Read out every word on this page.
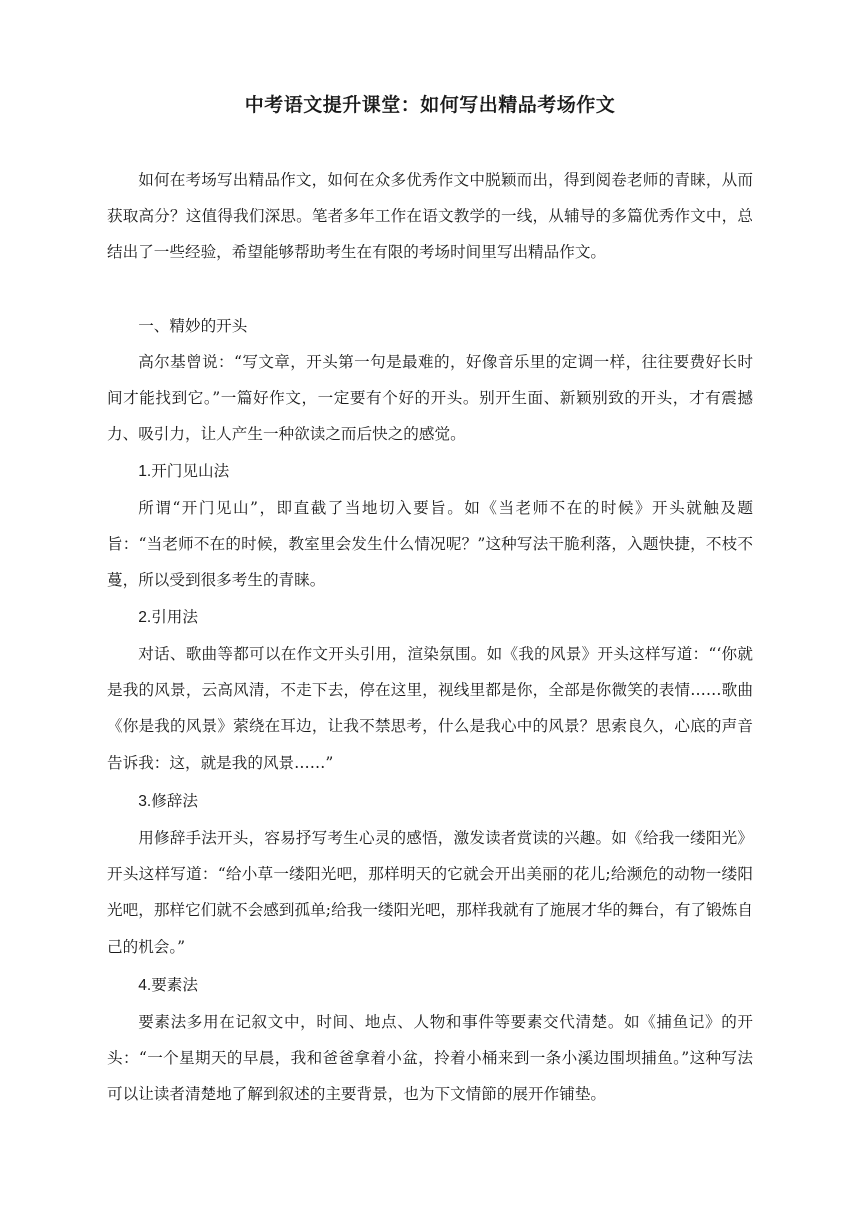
中考语文提升课堂：如何写出精品考场作文

如何在考场写出精品作文，如何在众多优秀作文中脱颖而出，得到阅卷老师的青睐，从而获取高分？这值得我们深思。笔者多年工作在语文教学的一线，从辅导的多篇优秀作文中，总结出了一些经验，希望能够帮助考生在有限的考场时间里写出精品作文。

一、精妙的开头

高尔基曾说：“写文章，开头第一句是最难的，好像音乐里的定调一样，往往要费好长时间才能找到它。”一篇好作文，一定要有个好的开头。别开生面、新颖别致的开头，才有震撼力、吸引力，让人产生一种欲读之而后快之的感觉。

1.开门见山法

所谓“开门见山”，即直截了当地切入要旨。如《当老师不在的时候》开头就触及题旨：“当老师不在的时候，教室里会发生什么情况呢？”这种写法干脆利落，入题快捷，不枝不蔓，所以受到很多考生的青睐。

2.引用法

对话、歌曲等都可以在作文开头引用，渲染氛围。如《我的风景》开头这样写道：“‘你就是我的风景，云高风清，不走下去，停在这里，视线里都是你，全部是你微笑的表情……歌曲《你是我的风景》萦绕在耳边，让我不禁思考，什么是我心中的风景？思索良久，心底的声音告诉我：这，就是我的风景……”

3.修辞法

用修辞手法开头，容易抒写考生心灵的感悟，激发读者赏读的兴趣。如《给我一缕阳光》开头这样写道：“给小草一缕阳光吧，那样明天的它就会开出美丽的花儿;给濒危的动物一缕阳光吧，那样它们就不会感到孤单;给我一缕阳光吧，那样我就有了施展才华的舞台，有了锻炼自己的机会。”

4.要素法

要素法多用在记叙文中，时间、地点、人物和事件等要素交代清楚。如《捕鱼记》的开头：“一个星期天的早晨，我和爸爸拿着小盆，拎着小桶来到一条小溪边围坝捕鱼。”这种写法可以让读者清楚地了解到叙述的主要背景，也为下文情節的展开作铺垫。
